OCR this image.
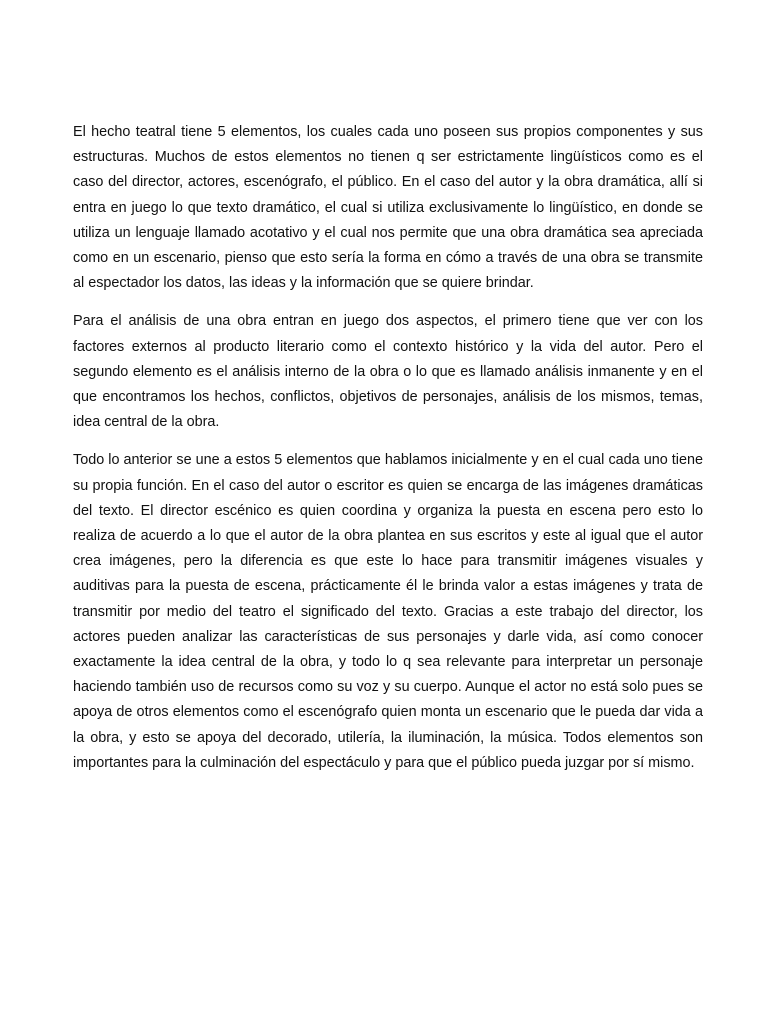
El hecho teatral tiene 5 elementos, los cuales cada uno poseen sus propios componentes y sus estructuras. Muchos de estos elementos no tienen q ser estrictamente lingüísticos como es el caso del director, actores, escenógrafo, el público. En el caso del autor y la obra dramática, allí si entra en juego lo que texto dramático, el cual si utiliza exclusivamente lo lingüístico, en donde se utiliza un lenguaje llamado acotativo y el cual nos permite que una obra dramática sea apreciada como en un escenario, pienso que esto sería la forma en cómo a través de una obra se transmite al espectador los datos, las ideas y la información que se quiere brindar.

Para el análisis de una obra entran en juego dos aspectos, el primero tiene que ver con los factores externos al producto literario como el contexto histórico y la vida del autor. Pero el segundo elemento es el análisis interno de la obra o lo que es llamado análisis inmanente y en el que encontramos los hechos, conflictos, objetivos de personajes, análisis de los mismos, temas, idea central de la obra.

Todo lo anterior se une a estos 5 elementos que hablamos inicialmente y en el cual cada uno tiene su propia función. En el caso del autor o escritor es quien se encarga de las imágenes dramáticas del texto. El director escénico es quien coordina y organiza la puesta en escena pero esto lo realiza de acuerdo a lo que el autor de la obra plantea en sus escritos y este al igual que el autor crea imágenes, pero la diferencia es que este lo hace para transmitir imágenes visuales y auditivas para la puesta de escena, prácticamente él le brinda valor a estas imágenes y trata de transmitir por medio del teatro el significado del texto. Gracias a este trabajo del director, los actores pueden analizar las características de sus personajes y darle vida, así como conocer exactamente la idea central de la obra, y todo lo q sea relevante para interpretar un personaje haciendo también uso de recursos como su voz y su cuerpo. Aunque el actor no está solo pues se apoya de otros elementos como el escenógrafo quien monta un escenario que le pueda dar vida a la obra, y esto se apoya del decorado, utilería, la iluminación, la música. Todos elementos son importantes para la culminación del espectáculo y para que el público pueda juzgar por sí mismo.
